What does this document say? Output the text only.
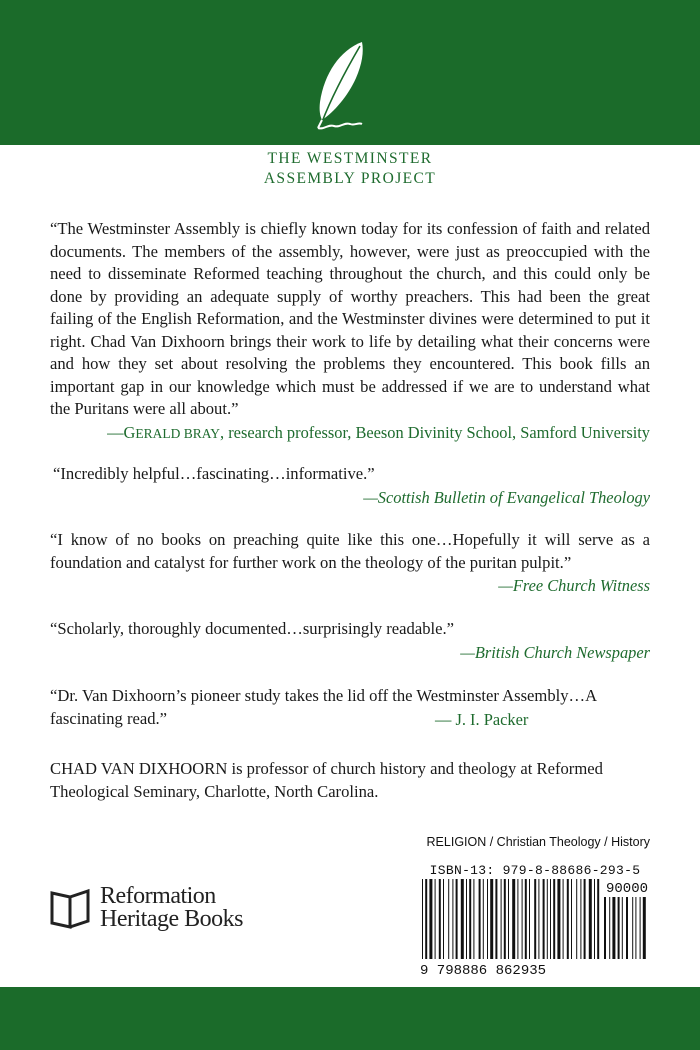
THE WESTMINSTER
ASSEMBLY PROJECT
“The Westminster Assembly is chiefly known today for its confession of faith and related documents. The members of the assembly, however, were just as preoccupied with the need to disseminate Reformed teaching throughout the church, and this could only be done by providing an adequate supply of worthy preachers. This had been the great failing of the English Reformation, and the Westminster divines were determined to put it right. Chad Van Dixhoorn brings their work to life by detailing what their concerns were and how they set about resolving the problems they encountered. This book fills an important gap in our knowledge which must be addressed if we are to understand what the Puritans were all about.”
—GERALD BRAY, research professor, Beeson Divinity School, Samford University
“Incredibly helpful…fascinating…informative.”
—Scottish Bulletin of Evangelical Theology
“I know of no books on preaching quite like this one…Hopefully it will serve as a foundation and catalyst for further work on the theology of the puritan pulpit.”
—Free Church Witness
“Scholarly, thoroughly documented…surprisingly readable.”
—British Church Newspaper
“Dr. Van Dixhoorn’s pioneer study takes the lid off the Westminster Assembly…A fascinating read.”	— J. I. Packer
CHAD VAN DIXHOORN is professor of church history and theology at Reformed Theological Seminary, Charlotte, North Carolina.
RELIGION / Christian Theology / History
Reformation
Heritage Books
ISBN-13: 979-8-88686-293-5
90000
9 798886 862935
